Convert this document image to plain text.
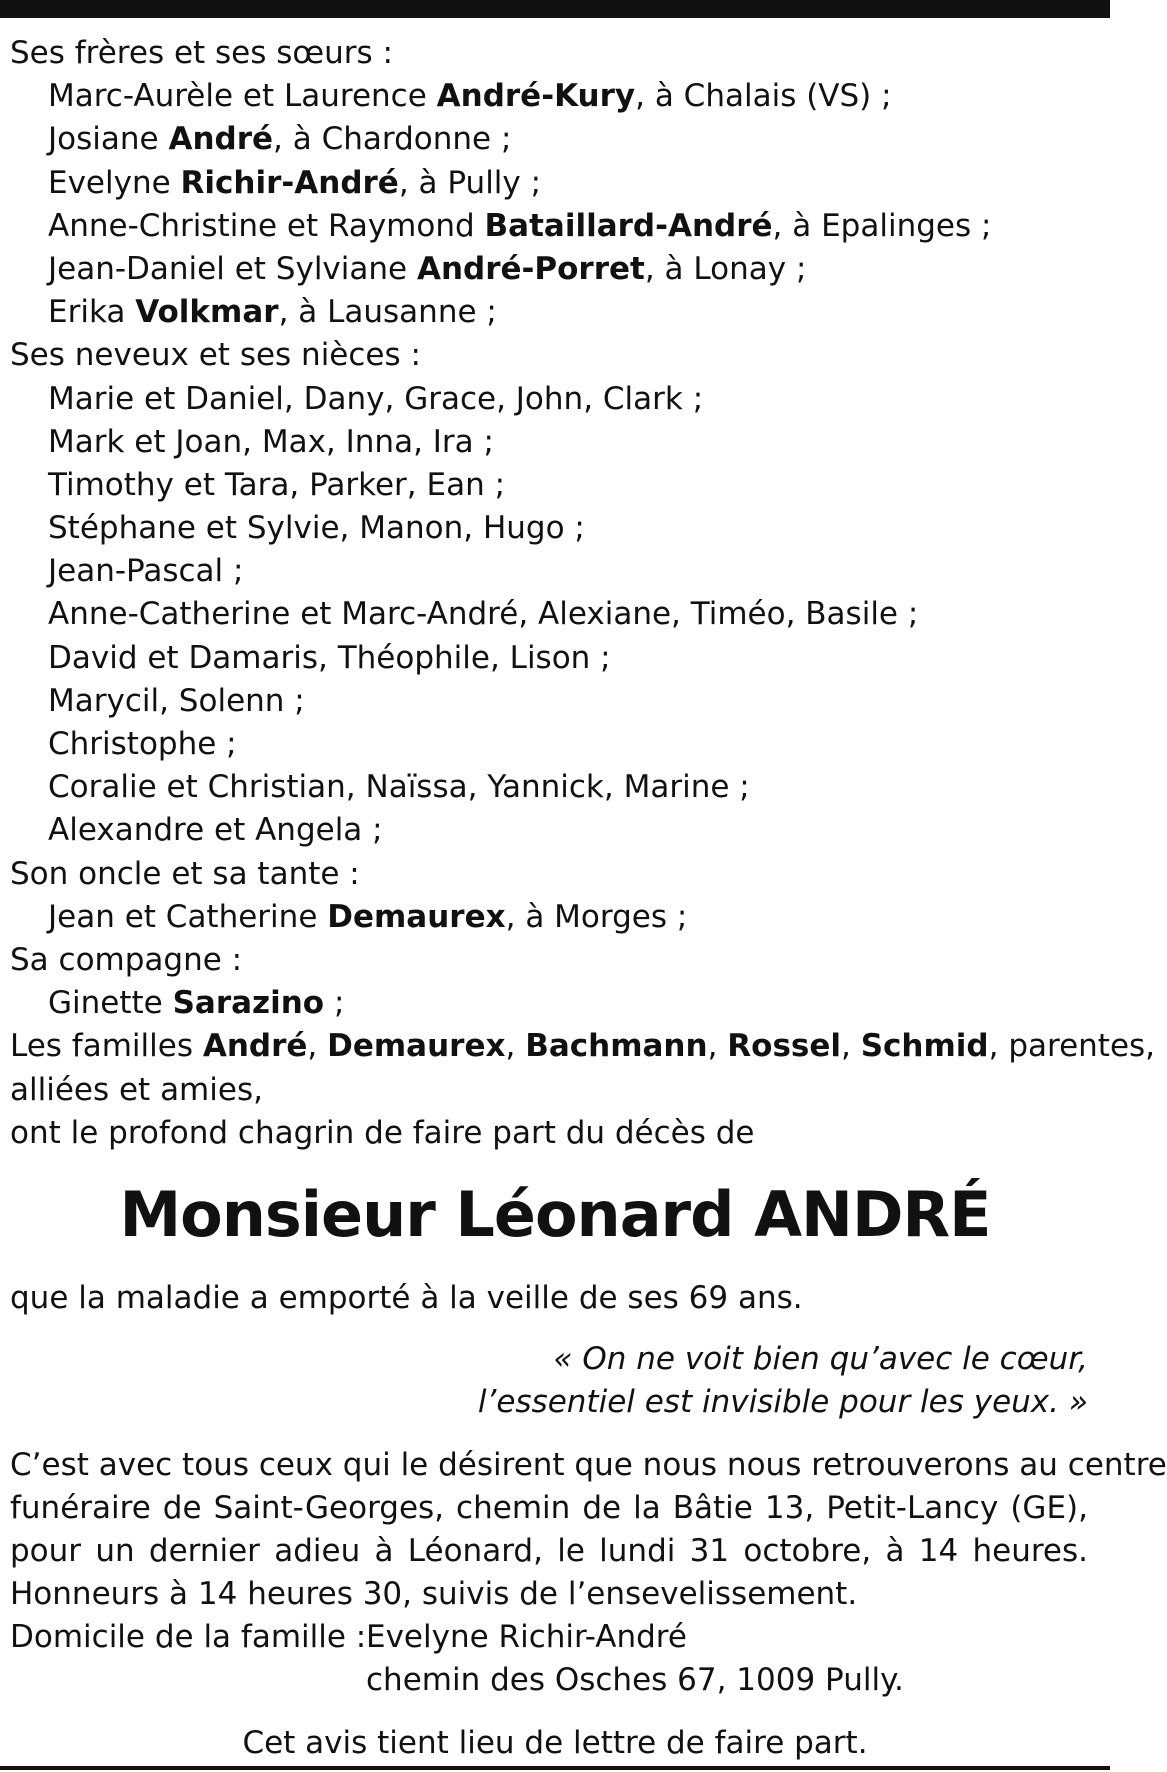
Ses frères et ses sœurs :
Marc-Aurèle et Laurence André-Kury, à Chalais (VS) ;
Josiane André, à Chardonne ;
Evelyne Richir-André, à Pully ;
Anne-Christine et Raymond Bataillard-André, à Epalinges ;
Jean-Daniel et Sylviane André-Porret, à Lonay ;
Erika Volkmar, à Lausanne ;
Ses neveux et ses nièces :
Marie et Daniel, Dany, Grace, John, Clark ;
Mark et Joan, Max, Inna, Ira ;
Timothy et Tara, Parker, Ean ;
Stéphane et Sylvie, Manon, Hugo ;
Jean-Pascal ;
Anne-Catherine et Marc-André, Alexiane, Timéo, Basile ;
David et Damaris, Théophile, Lison ;
Marycil, Solenn ;
Christophe ;
Coralie et Christian, Naïssa, Yannick, Marine ;
Alexandre et Angela ;
Son oncle et sa tante :
Jean et Catherine Demaurex, à Morges ;
Sa compagne :
Ginette Sarazino ;
Les familles André, Demaurex, Bachmann, Rossel, Schmid, parentes,
alliées et amies,
ont le profond chagrin de faire part du décès de
Monsieur Léonard ANDRÉ
que la maladie a emporté à la veille de ses 69 ans.
« On ne voit bien qu’avec le cœur,
l’essentiel est invisible pour les yeux. »
C’est avec tous ceux qui le désirent que nous nous retrouverons au centre
funéraire de Saint-Georges, chemin de la Bâtie 13, Petit-Lancy (GE),
pour un dernier adieu à Léonard, le lundi 31 octobre, à 14 heures.
Honneurs à 14 heures 30, suivis de l’ensevelissement.
Domicile de la famille : Evelyne Richir-André
chemin des Osches 67, 1009 Pully.
Cet avis tient lieu de lettre de faire part.
